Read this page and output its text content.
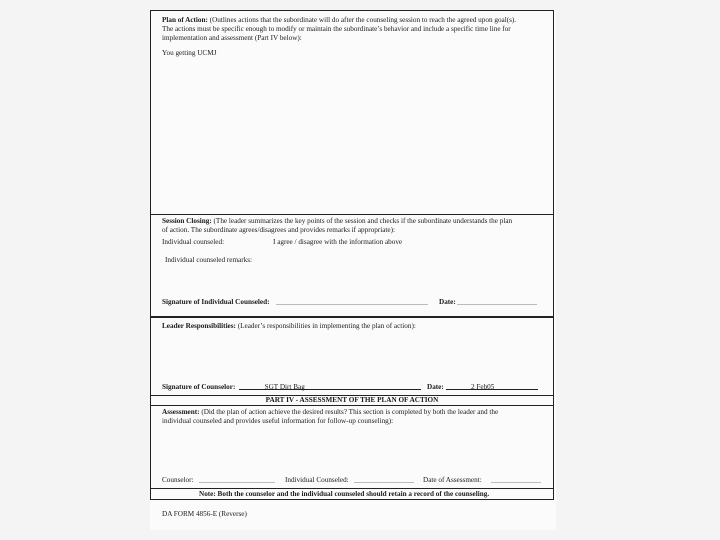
Plan of Action: (Outlines actions that the subordinate will do after the counseling session to reach the agreed upon goal(s).
The actions must be specific enough to modify or maintain the subordinate’s behavior and include a specific time line for
implementation and assessment (Part IV below):
You getting UCMJ
Session Closing: (The leader summarizes the key points of the session and checks if the subordinate understands the plan
of action. The subordinate agrees/disagrees and provides remarks if appropriate):
Individual counseled:	I agree / disagree with the information above
Individual counseled remarks:
Signature of Individual Counseled:	Date:
Leader Responsibilities: (Leader’s responsibilities in implementing the plan of action):
Signature of Counselor:	_SGT Dirt Bag_	Date:	2 Feb05
PART IV - ASSESSMENT OF THE PLAN OF ACTION
Assessment: (Did the plan of action achieve the desired results? This section is completed by both the leader and the
individual counseled and provides useful information for follow-up counseling):
Counselor:	Individual Counseled:	Date of Assessment:
Note: Both the counselor and the individual counseled should retain a record of the counseling.
DA FORM 4856-E (Reverse)
